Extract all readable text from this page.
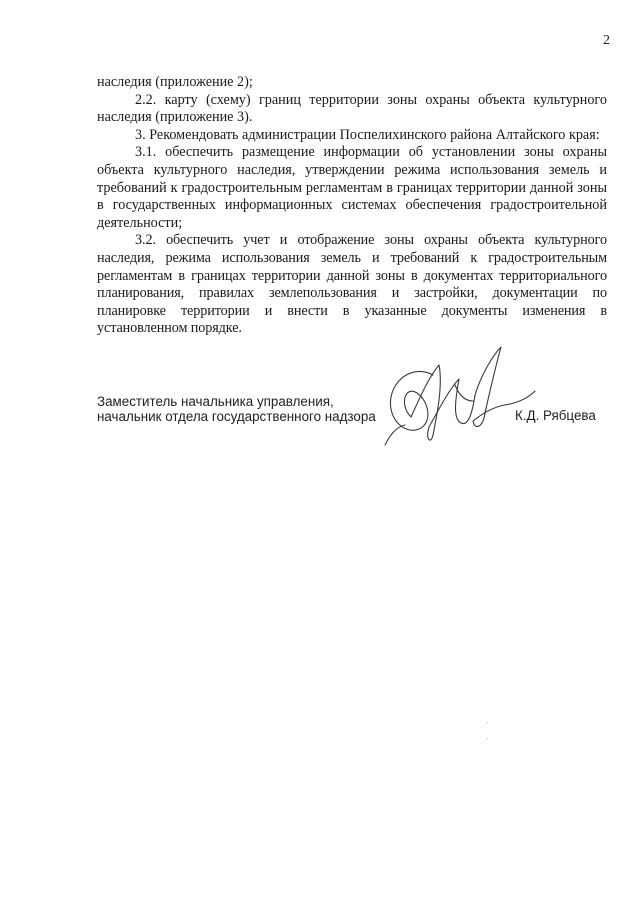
2

наследия (приложение 2);

2.2. карту (схему) границ территории зоны охраны объекта культурного наследия (приложение 3).

3. Рекомендовать администрации Поспелихинского района Алтайского края:

3.1. обеспечить размещение информации об установлении зоны охраны объекта культурного наследия, утверждении режима использования земель и требований к градостроительным регламентам в границах территории данной зоны в государственных информационных системах обеспечения градостроительной деятельности;

3.2. обеспечить учет и отображение зоны охраны объекта культурного наследия, режима использования земель и требований к градостроительным регламентам в границах территории данной зоны в документах территориального планирования, правилах землепользования и застройки, документации по планировке территории и внести в указанные документы изменения в установленном порядке.

Заместитель начальника управления,
начальник отдела государственного надзора	К.Д. Рябцева
